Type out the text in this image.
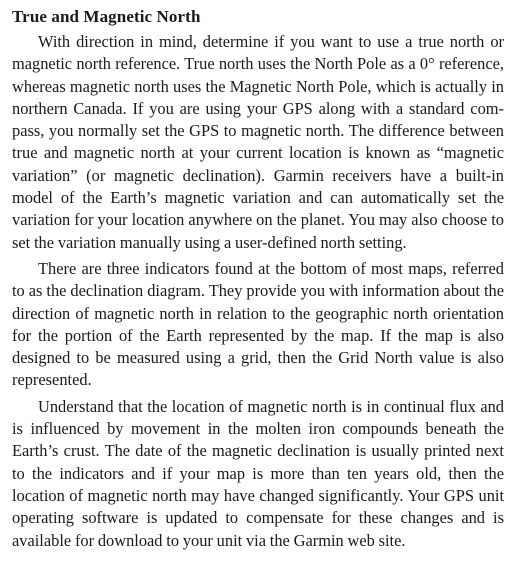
True and Magnetic North

With direction in mind, determine if you want to use a true north or magnetic north reference. True north uses the North Pole as a 0° reference, whereas magnetic north uses the Magnetic North Pole, which is actually in northern Canada. If you are using your GPS along with a standard compass, you normally set the GPS to magnetic north. The difference between true and magnetic north at your current location is known as “magnetic variation” (or magnetic declination). Garmin receivers have a built-in model of the Earth’s magnetic variation and can automatically set the variation for your location anywhere on the planet. You may also choose to set the variation manually using a user-defined north setting.

There are three indicators found at the bottom of most maps, referred to as the declination diagram. They provide you with information about the direction of magnetic north in relation to the geographic north orientation for the portion of the Earth represented by the map. If the map is also designed to be measured using a grid, then the Grid North value is also represented.

Understand that the location of magnetic north is in continual flux and is influenced by movement in the molten iron compounds beneath the Earth’s crust. The date of the magnetic declination is usually printed next to the indicators and if your map is more than ten years old, then the location of magnetic north may have changed significantly. Your GPS unit operating software is updated to compensate for these changes and is available for download to your unit via the Garmin web site.
